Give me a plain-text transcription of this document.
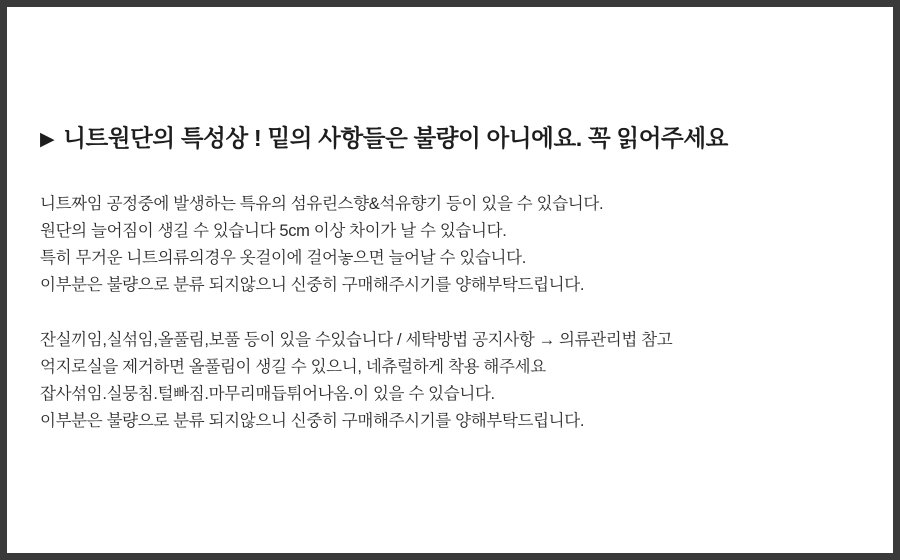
▶ 니트원단의 특성상 ! 밑의 사항들은 불량이 아니에요. 꼭 읽어주세요
니트짜임 공정중에 발생하는 특유의 섬유린스향&석유향기 등이 있을 수 있습니다.
원단의 늘어짐이 생길 수 있습니다 5cm 이상 차이가 날 수 있습니다.
특히 무거운 니트의류의경우 옷걸이에 걸어놓으면 늘어날 수 있습니다.
이부분은 불량으로 분류 되지않으니 신중히 구매해주시기를 양해부탁드립니다.
잔실끼임,실섞임,올풀림,보풀 등이 있을 수있습니다 / 세탁방법 공지사항 → 의류관리법 참고
억지로실을 제거하면 올풀림이 생길 수 있으니, 네츄럴하게 착용 해주세요
잡사섞임.실뭉침.털빠짐.마무리매듭튀어나옴.이 있을 수 있습니다.
이부분은 불량으로 분류 되지않으니 신중히 구매해주시기를 양해부탁드립니다.
